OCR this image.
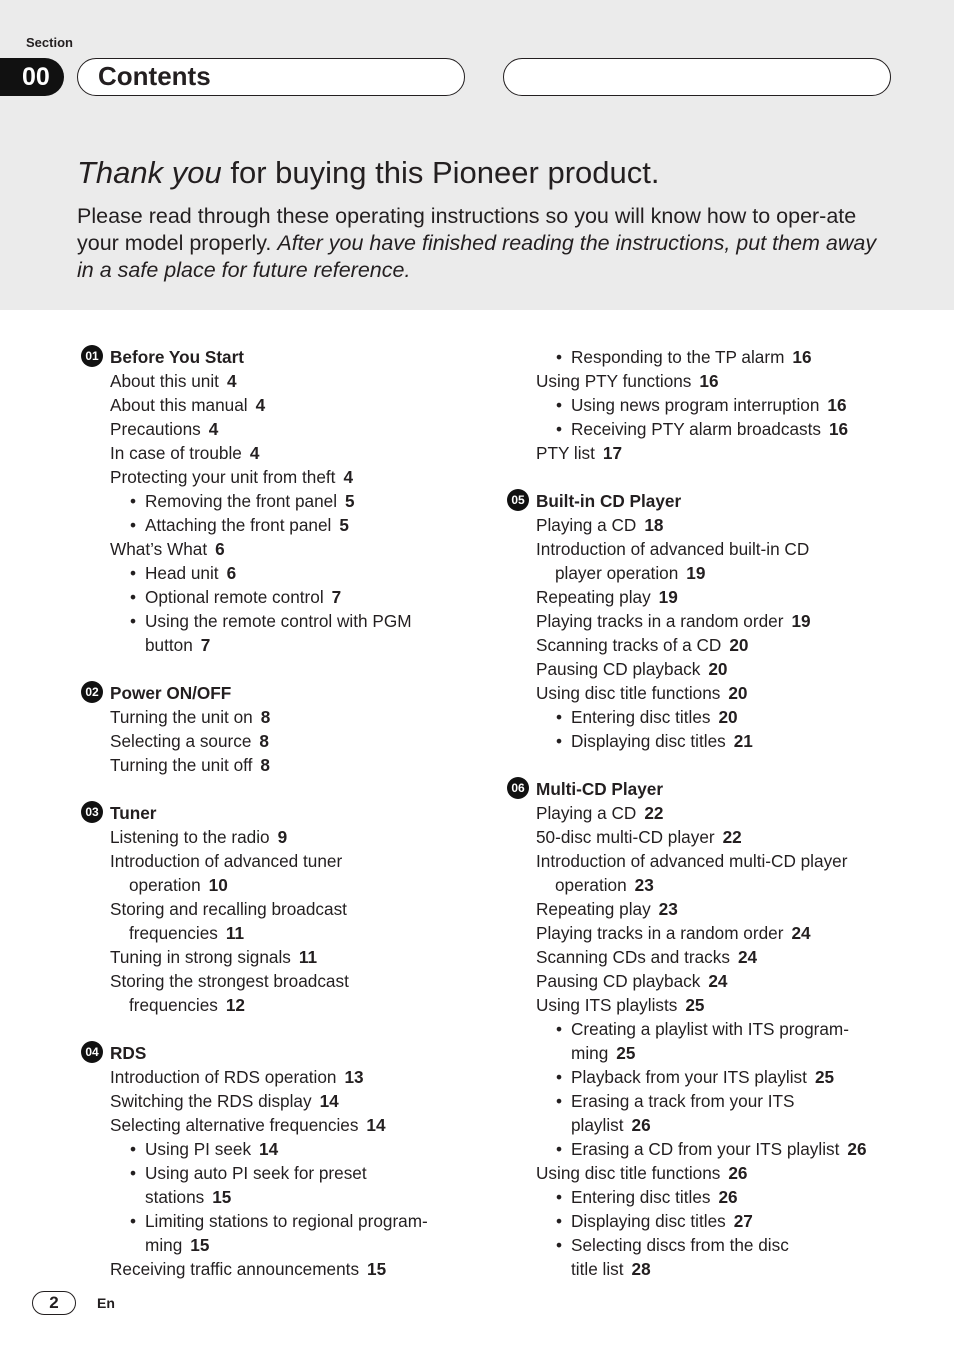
Section
00	Contents
Thank you for buying this Pioneer product.
Please read through these operating instructions so you will know how to oper-ate your model properly. After you have finished reading the instructions, put them away in a safe place for future reference.
01 Before You Start
About this unit 4
About this manual 4
Precautions 4
In case of trouble 4
Protecting your unit from theft 4
• Removing the front panel 5
• Attaching the front panel 5
What’s What 6
• Head unit 6
• Optional remote control 7
• Using the remote control with PGM
button 7
02 Power ON/OFF
Turning the unit on 8
Selecting a source 8
Turning the unit off 8
03 Tuner
Listening to the radio 9
Introduction of advanced tuner
operation 10
Storing and recalling broadcast
frequencies 11
Tuning in strong signals 11
Storing the strongest broadcast
frequencies 12
04 RDS
Introduction of RDS operation 13
Switching the RDS display 14
Selecting alternative frequencies 14
• Using PI seek 14
• Using auto PI seek for preset
stations 15
• Limiting stations to regional program-
ming 15
Receiving traffic announcements 15
• Responding to the TP alarm 16
Using PTY functions 16
• Using news program interruption 16
• Receiving PTY alarm broadcasts 16
PTY list 17
05 Built-in CD Player
Playing a CD 18
Introduction of advanced built-in CD
player operation 19
Repeating play 19
Playing tracks in a random order 19
Scanning tracks of a CD 20
Pausing CD playback 20
Using disc title functions 20
• Entering disc titles 20
• Displaying disc titles 21
06 Multi-CD Player
Playing a CD 22
50-disc multi-CD player 22
Introduction of advanced multi-CD player
operation 23
Repeating play 23
Playing tracks in a random order 24
Scanning CDs and tracks 24
Pausing CD playback 24
Using ITS playlists 25
• Creating a playlist with ITS program-
ming 25
• Playback from your ITS playlist 25
• Erasing a track from your ITS
playlist 26
• Erasing a CD from your ITS playlist 26
Using disc title functions 26
• Entering disc titles 26
• Displaying disc titles 27
• Selecting discs from the disc
title list 28
2	En
